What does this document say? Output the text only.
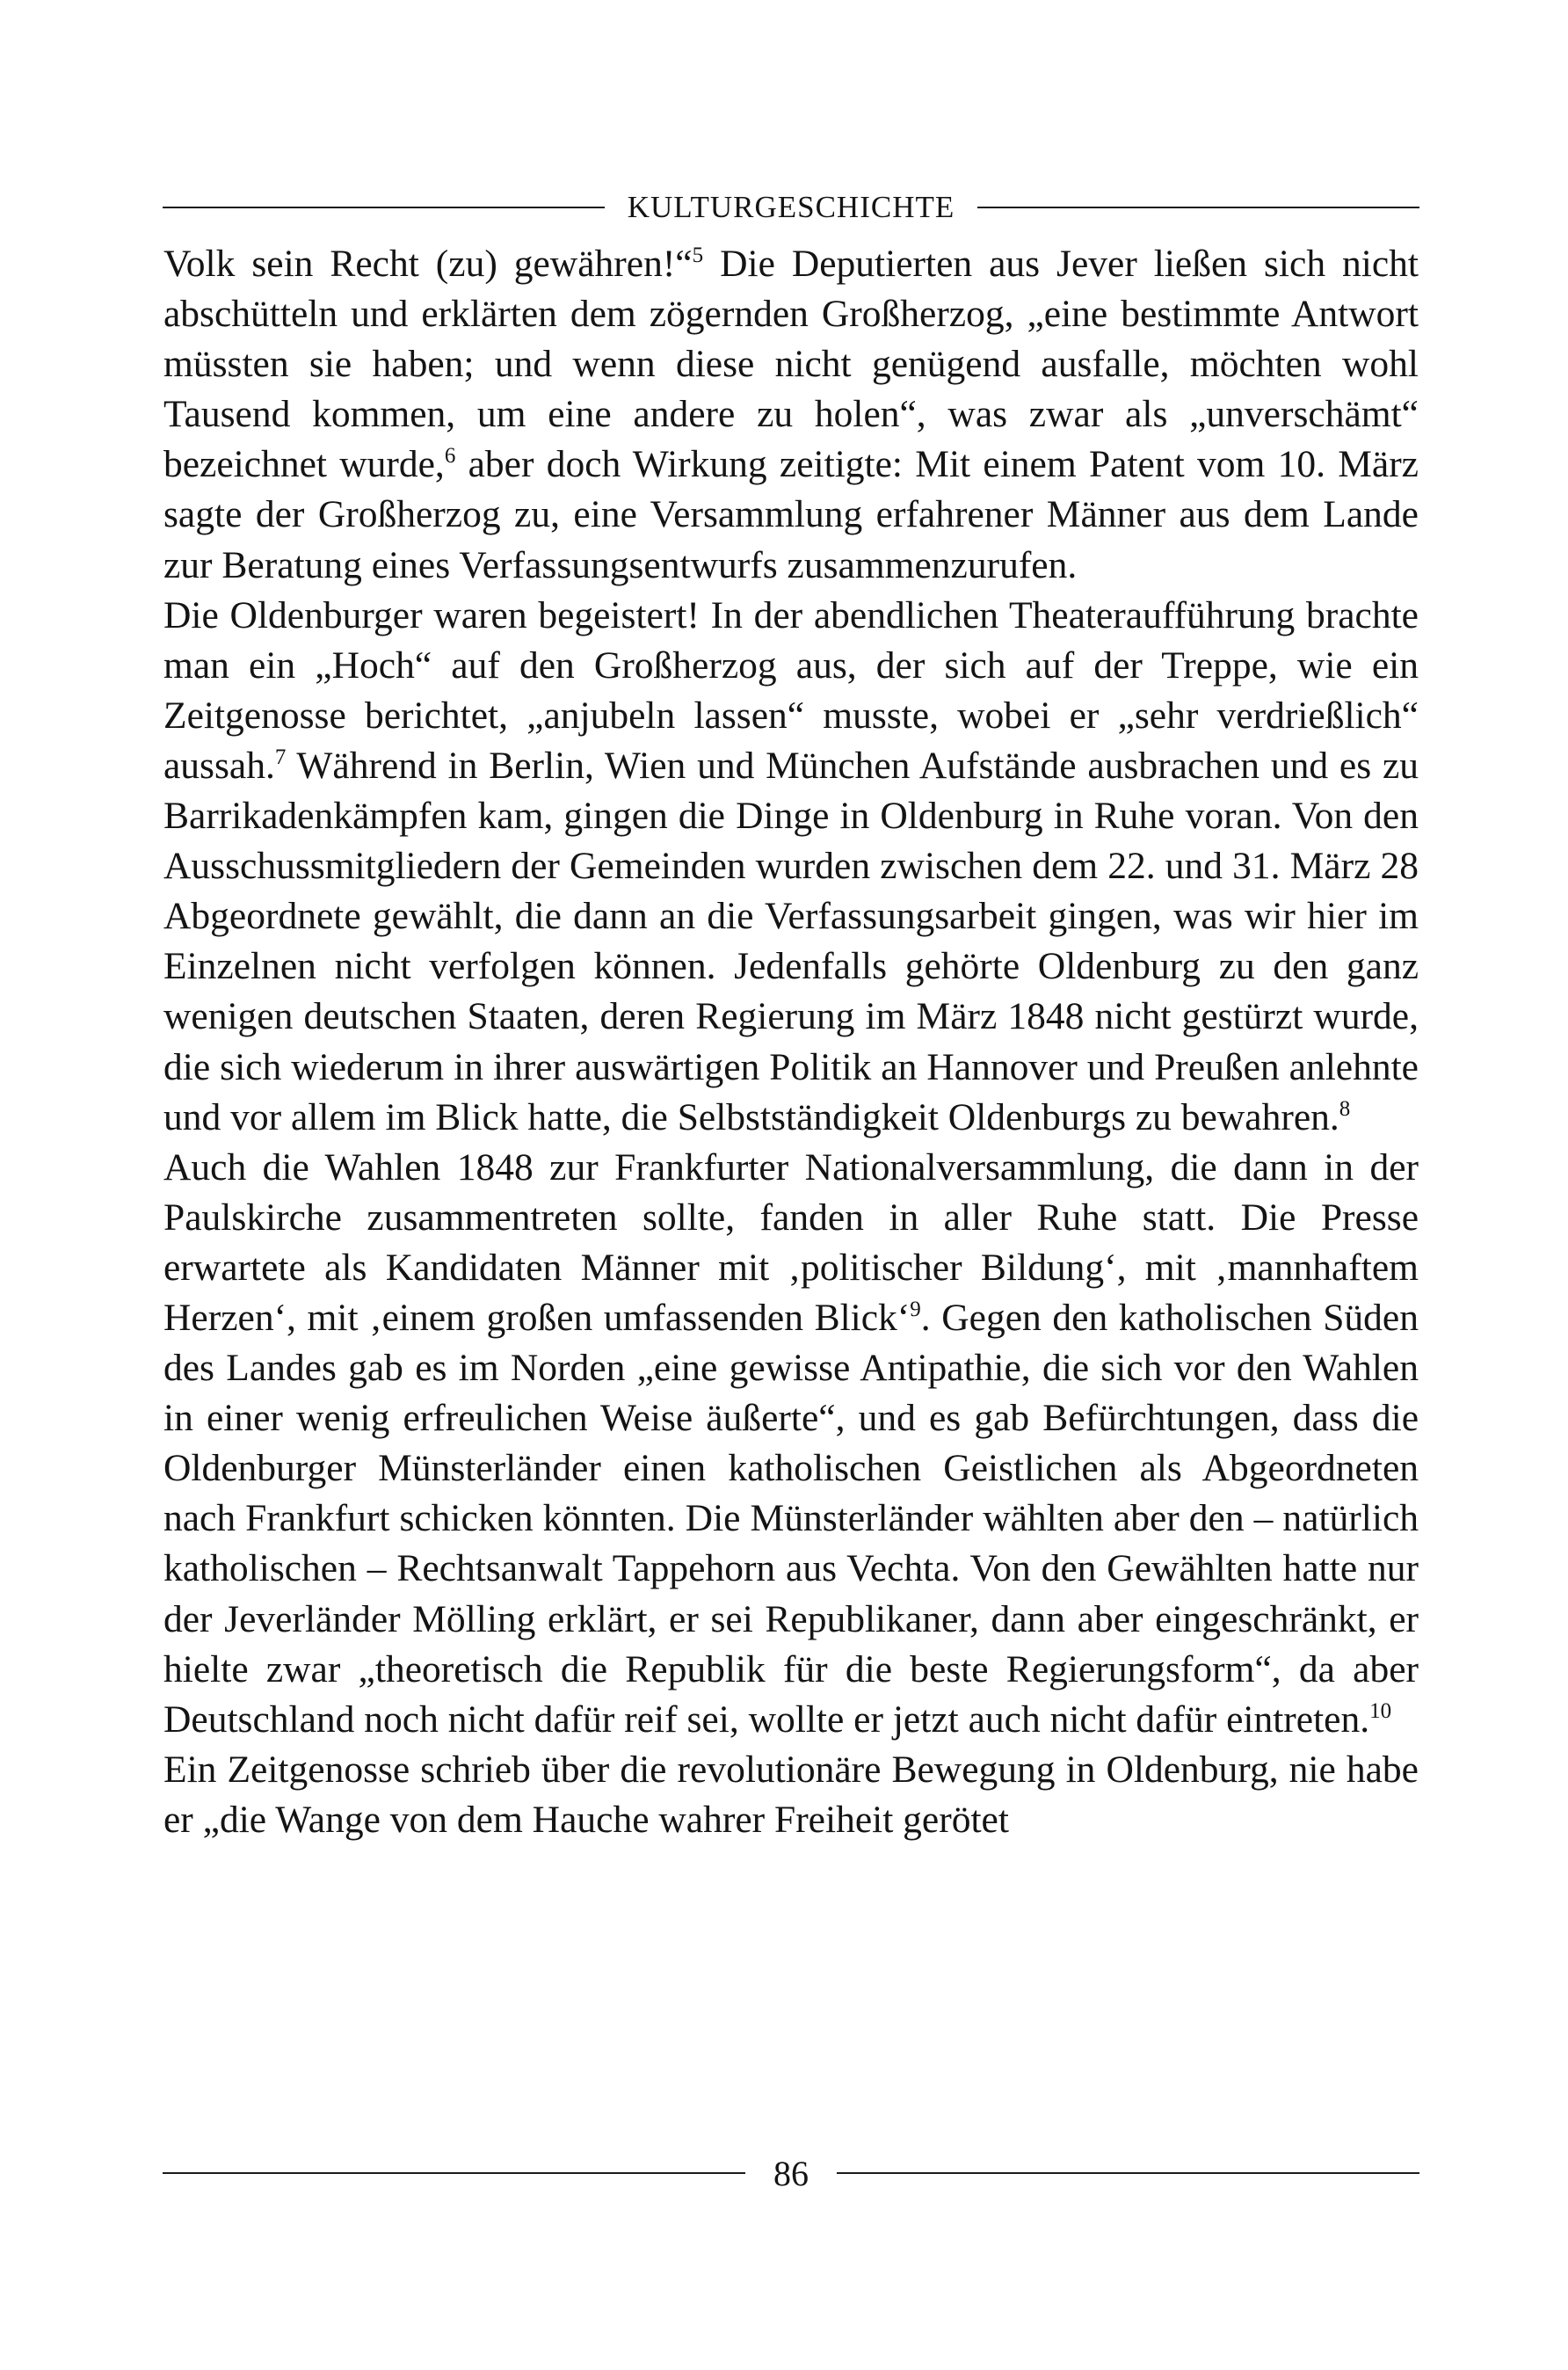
KULTURGESCHICHTE

Volk sein Recht (zu) gewähren!“$^5$ Die Deputierten aus Jever ließen sich nicht abschütteln und erklärten dem zögernden Großherzog, „eine bestimmte Antwort müssten sie haben; und wenn diese nicht genügend ausfalle, möchten wohl Tausend kommen, um eine andere zu holen“, was zwar als „unverschämt“ bezeichnet wurde,$^6$ aber doch Wirkung zeitigte: Mit einem Patent vom 10. März sagte der Großherzog zu, eine Versammlung erfahrener Männer aus dem Lande zur Beratung eines Verfassungsentwurfs zusammenzurufen.

Die Oldenburger waren begeistert! In der abendlichen Theateraufführung brachte man ein „Hoch“ auf den Großherzog aus, der sich auf der Treppe, wie ein Zeitgenosse berichtet, „anjubeln lassen“ musste, wobei er „sehr verdrießlich“ aussah.$^7$ Während in Berlin, Wien und München Aufstände ausbrachen und es zu Barrikadenkämpfen kam, gingen die Dinge in Oldenburg in Ruhe voran. Von den Ausschussmitgliedern der Gemeinden wurden zwischen dem 22. und 31. März 28 Abgeordnete gewählt, die dann an die Verfassungsarbeit gingen, was wir hier im Einzelnen nicht verfolgen können. Jedenfalls gehörte Oldenburg zu den ganz wenigen deutschen Staaten, deren Regierung im März 1848 nicht gestürzt wurde, die sich wiederum in ihrer auswärtigen Politik an Hannover und Preußen anlehnte und vor allem im Blick hatte, die Selbstständigkeit Oldenburgs zu bewahren.$^8$

Auch die Wahlen 1848 zur Frankfurter Nationalversammlung, die dann in der Paulskirche zusammentreten sollte, fanden in aller Ruhe statt. Die Presse erwartete als Kandidaten Männer mit ‚politischer Bildung‘, mit ‚mannhaftem Herzen‘, mit ‚einem großen umfassenden Blick‘$^9$. Gegen den katholischen Süden des Landes gab es im Norden „eine gewisse Antipathie, die sich vor den Wahlen in einer wenig erfreulichen Weise äußerte“, und es gab Befürchtungen, dass die Oldenburger Münsterländer einen katholischen Geistlichen als Abgeordneten nach Frankfurt schicken könnten. Die Münsterländer wählten aber den – natürlich katholischen – Rechtsanwalt Tappehorn aus Vechta. Von den Gewählten hatte nur der Jeverländer Mölling erklärt, er sei Republikaner, dann aber eingeschränkt, er hielte zwar „theoretisch die Republik für die beste Regierungsform“, da aber Deutschland noch nicht dafür reif sei, wollte er jetzt auch nicht dafür eintreten.$^{10}$

Ein Zeitgenosse schrieb über die revolutionäre Bewegung in Oldenburg, nie habe er „die Wange von dem Hauche wahrer Freiheit gerötet

86
